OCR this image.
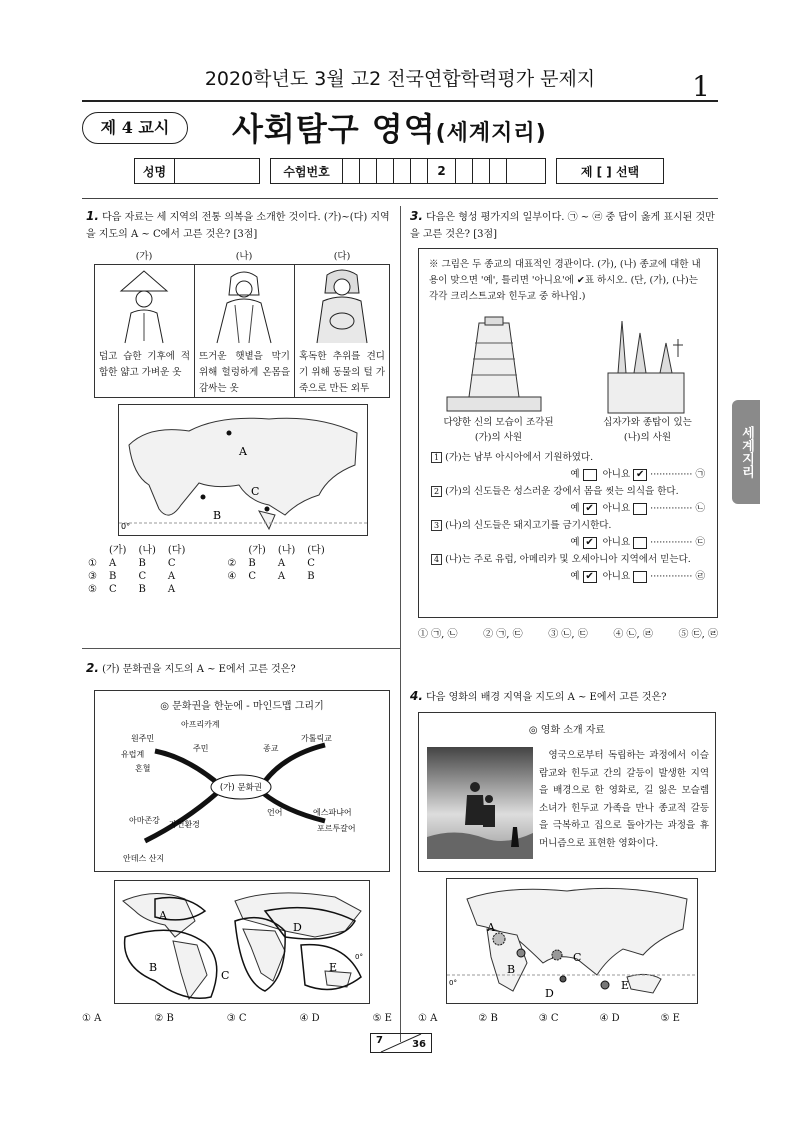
2020학년도 3월 고2 전국연합학력평가 문제지	1
제 4 교시	사회탐구 영역(세계지리)
성명	수험번호	2	제 [ ] 선택
세계지리
1. 다음 자료는 세 지역의 전통 의복을 소개한 것이다. (가)~(다) 지역을 지도의 A ~ C에서 고른 것은? [3점]
(가)	(나)	(다)
덥고 습한 기후에 적합한 얇고 가벼운 옷
뜨거운 햇볕을 막기 위해 헐렁하게 온몸을 감싸는 옷
혹독한 추위를 견디기 위해 동물의 털 가죽으로 만든 외투
A
B
C
0°
	(가)	(나)	(다)			(가)	(나)	(다)
①	A	B	C		②	B	A	C
③	B	C	A		④	C	A	B
⑤	C	B	A					
2. (가) 문화권을 지도의 A ~ E에서 고른 것은?
◎ 문화권을 한눈에 - 마인드맵 그리기
(가) 문화권
주민	종교
언어
자연환경
아프리카계
원주민
유럽계
혼혈
가톨릭교
에스파냐어
포르투갈어
아마존강
안데스 산지
A
B
C
D
E
0°
① A	② B	③ C	④ D	⑤ E
3. 다음은 형성 평가지의 일부이다. ㉠ ~ ㉣ 중 답이 옳게 표시된 것만을 고른 것은? [3점]
※ 그림은 두 종교의 대표적인 경관이다. (가), (나) 종교에 대한 내용이 맞으면 '예', 틀리면 '아니요'에 ✔표 하시오. (단, (가), (나)는 각각 크리스트교와 힌두교 중 하나임.)
다양한 신의 모습이 조각된 (가)의 사원
십자가와 종탑이 있는 (나)의 사원
1 (가)는 남부 아시아에서 기원하였다.
예 아니요 ✔ ·············· ㉠
2 (가)의 신도들은 성스러운 강에서 몸을 씻는 의식을 한다.
예 ✔ 아니요  ·············· ㉡
3 (나)의 신도들은 돼지고기를 금기시한다.
예 ✔ 아니요  ·············· ㉢
4 (나)는 주로 유럽, 아메리카 및 오세아니아 지역에서 믿는다.
예 ✔ 아니요  ·············· ㉣
① ㉠, ㉡	② ㉠, ㉢	③ ㉡, ㉢	④ ㉡, ㉣	⑤ ㉢, ㉣
4. 다음 영화의 배경 지역을 지도의 A ~ E에서 고른 것은?
◎ 영화 소개 자료
영국으로부터 독립하는 과정에서 이슬람교와 힌두교 간의 갈등이 발생한 지역을 배경으로 한 영화로, 길 잃은 모슬렘 소녀가 힌두교 가족을 만나 종교적 갈등을 극복하고 집으로 돌아가는 과정을 휴머니즘으로 표현한 영화이다.
A
B
C
D
E
0°
① A	② B	③ C	④ D	⑤ E
7	36
